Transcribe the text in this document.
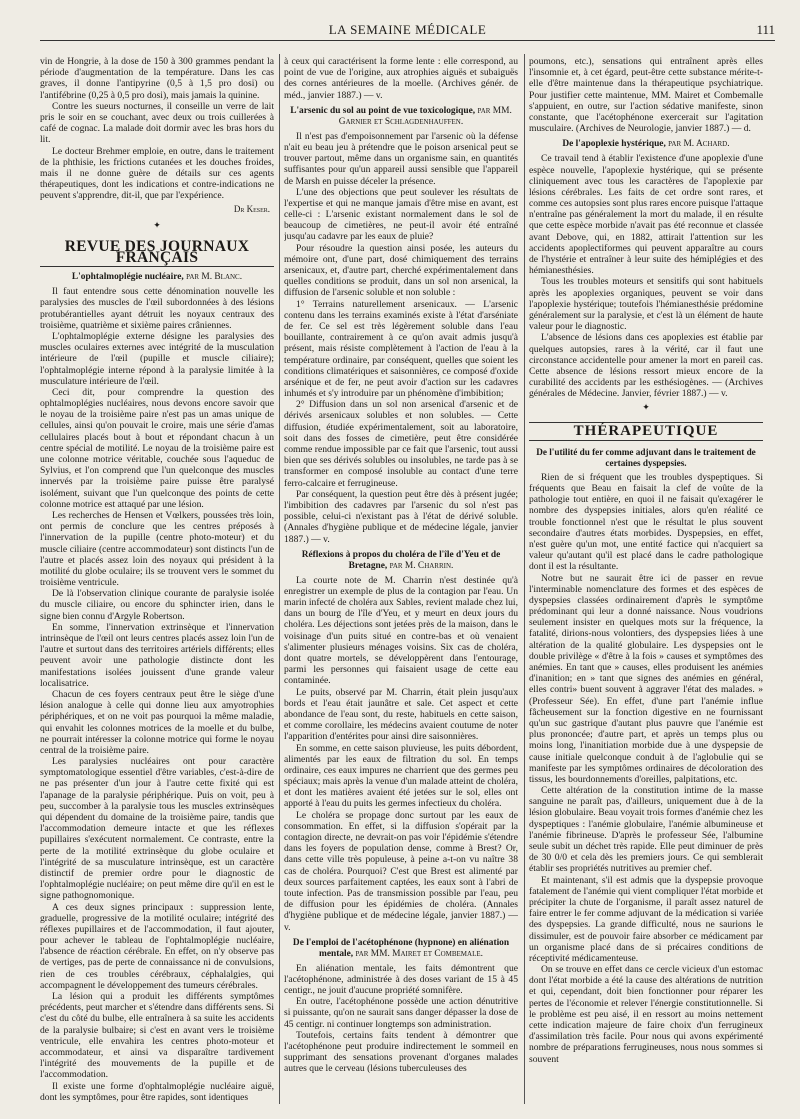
LA SEMAINE MÉDICALE	111

vin de Hongrie, à la dose de 150 à 300 grammes pendant la période d'augmentation de la température. Dans les cas graves, il donne l'antipyrine (0,5 à 1,5 pro dosi) ou l'antifébrine (0,25 à 0,5 pro dosi), mais jamais la quinine.

Contre les sueurs nocturnes, il conseille un verre de lait pris le soir en se couchant, avec deux ou trois cuillerées à café de cognac. La malade doit dormir avec les bras hors du lit.

Le docteur Brehmer emploie, en outre, dans le traitement de la phthisie, les frictions cutanées et les douches froides, mais il ne donne guère de détails sur ces agents thérapeutiques, dont les indications et contre-indications ne peuvent s'apprendre, dit-il, que par l'expérience.

Dr Keser.
✦
REVUE DES JOURNAUX FRANÇAIS
L'ophtalmoplégie nucléaire, par M. Blanc.

Il faut entendre sous cette dénomination nouvelle les paralysies des muscles de l'œil subordonnées à des lésions protubérantielles ayant détruit les noyaux centraux des troisième, quatrième et sixième paires crâniennes.

L'ophtalmoplégie externe désigne les paralysies des muscles oculaires externes avec intégrité de la musculation intérieure de l'œil (pupille et muscle ciliaire); l'ophtalmoplégie interne répond à la paralysie limitée à la musculature intérieure de l'œil.

Ceci dit, pour comprendre la question des ophtalmoplégies nucléaires, nous devons encore savoir que le noyau de la troisième paire n'est pas un amas unique de cellules, ainsi qu'on pouvait le croire, mais une série d'amas cellulaires placés bout à bout et répondant chacun à un centre spécial de motilité. Le noyau de la troisième paire est une colonne motrice véritable, couchée sous l'aqueduc de Sylvius, et l'on comprend que l'un quelconque des muscles innervés par la troisième paire puisse être paralysé isolément, suivant que l'un quelconque des points de cette colonne motrice est attaqué par une lésion.

Les recherches de Hensen et Vœlkers, poussées très loin, ont permis de conclure que les centres préposés à l'innervation de la pupille (centre photo-moteur) et du muscle ciliaire (centre accommodateur) sont distincts l'un de l'autre et placés assez loin des noyaux qui président à la motilité du globe oculaire; ils se trouvent vers le sommet du troisième ventricule.

De là l'observation clinique courante de paralysie isolée du muscle ciliaire, ou encore du sphincter irien, dans le signe bien connu d'Argyle Robertson.

En somme, l'innervation extrinsèque et l'innervation intrinsèque de l'œil ont leurs centres placés assez loin l'un de l'autre et surtout dans des territoires artériels différents; elles peuvent avoir une pathologie distincte dont les manifestations isolées jouissent d'une grande valeur localisatrice.

Chacun de ces foyers centraux peut être le siège d'une lésion analogue à celle qui donne lieu aux amyotrophies périphériques, et on ne voit pas pourquoi la même maladie, qui envahit les colonnes motrices de la moelle et du bulbe, ne pourrait intéresser la colonne motrice qui forme le noyau central de la troisième paire.

Les paralysies nucléaires ont pour caractère symptomatologique essentiel d'être variables, c'est-à-dire de ne pas présenter d'un jour à l'autre cette fixité qui est l'apanage de la paralysie périphérique. Puis on voit, peu à peu, succomber à la paralysie tous les muscles extrinsèques qui dépendent du domaine de la troisième paire, tandis que l'accommodation demeure intacte et que les réflexes pupillaires s'exécutent normalement. Ce contraste, entre la perte de la motilité extrinsèque du globe oculaire et l'intégrité de sa musculature intrinsèque, est un caractère distinctif de premier ordre pour le diagnostic de l'ophtalmoplégie nucléaire; on peut même dire qu'il en est le signe pathognomonique.

A ces deux signes principaux : suppression lente, graduelle, progressive de la motilité oculaire; intégrité des réflexes pupillaires et de l'accommodation, il faut ajouter, pour achever le tableau de l'ophtalmoplégie nucléaire, l'absence de réaction cérébrale. En effet, on n'y observe pas de vertiges, pas de perte de connaissance ni de convulsions, rien de ces troubles cérébraux, céphalalgies, qui accompagnent le développement des tumeurs cérébrales.

La lésion qui a produit les différents symptômes précédents, peut marcher et s'étendre dans différents sens. Si c'est du côté du bulbe, elle entraînera à sa suite les accidents de la paralysie bulbaire; si c'est en avant vers le troisième ventricule, elle envahira les centres photo-moteur et accommodateur, et ainsi va disparaître tardivement l'intégrité des mouvements de la pupille et de l'accommodation.

Il existe une forme d'ophtalmoplégie nucléaire aiguë, dont les symptômes, pour être rapides, sont identiques

à ceux qui caractérisent la forme lente : elle correspond, au point de vue de l'origine, aux atrophies aiguës et subaiguës des cornes antérieures de la moelle. (Archives génér. de méd., janvier 1887.) — v.

L'arsenic du sol au point de vue toxicologique, par MM. Garnier et Schlagdenhauffen.

Il n'est pas d'empoisonnement par l'arsenic où la défense n'ait eu beau jeu à prétendre que le poison arsenical peut se trouver partout, même dans un organisme sain, en quantités suffisantes pour qu'un appareil aussi sensible que l'appareil de Marsh en puisse déceler la présence.

L'une des objections que peut soulever les résultats de l'expertise et qui ne manque jamais d'être mise en avant, est celle-ci : L'arsenic existant normalement dans le sol de beaucoup de cimetières, ne peut-il avoir été entraîné jusqu'au cadavre par les eaux de pluie?

Pour résoudre la question ainsi posée, les auteurs du mémoire ont, d'une part, dosé chimiquement des terrains arsenicaux, et, d'autre part, cherché expérimentalement dans quelles conditions se produit, dans un sol non arsenical, la diffusion de l'arsenic soluble et non soluble :

1° Terrains naturellement arsenicaux. — L'arsenic contenu dans les terrains examinés existe à l'état d'arséniate de fer. Ce sel est très légèrement soluble dans l'eau bouillante, contrairement à ce qu'on avait admis jusqu'à présent, mais résiste complètement à l'action de l'eau à la température ordinaire, par conséquent, quelles que soient les conditions climatériques et saisonnières, ce composé d'oxide arsénique et de fer, ne peut avoir d'action sur les cadavres inhumés et s'y introduire par un phénomène d'imbibition;

2° Diffusion dans un sol non arsenical d'arsenic et de dérivés arsenicaux solubles et non solubles. — Cette diffusion, étudiée expérimentalement, soit au laboratoire, soit dans des fosses de cimetière, peut être considérée comme rendue impossible par ce fait que l'arsenic, tout aussi bien que ses dérivés solubles ou insolubles, ne tarde pas à se transformer en composé insoluble au contact d'une terre ferro-calcaire et ferrugineuse.

Par conséquent, la question peut être dès à présent jugée; l'imbibition des cadavres par l'arsenic du sol n'est pas possible, celui-ci n'existant pas à l'état de dérivé soluble. (Annales d'hygiène publique et de médecine légale, janvier 1887.) — v.

Réflexions à propos du choléra de l'île d'Yeu et de Bretagne, par M. Charrin.

La courte note de M. Charrin n'est destinée qu'à enregistrer un exemple de plus de la contagion par l'eau. Un marin infecté de choléra aux Sables, revient malade chez lui, dans un bourg de l'île d'Yeu, et y meurt en deux jours du choléra. Les déjections sont jetées près de la maison, dans le voisinage d'un puits situé en contre-bas et où venaient s'alimenter plusieurs ménages voisins. Six cas de choléra, dont quatre mortels, se développèrent dans l'entourage, parmi les personnes qui faisaient usage de cette eau contaminée.

Le puits, observé par M. Charrin, était plein jusqu'aux bords et l'eau était jaunâtre et sale. Cet aspect et cette abondance de l'eau sont, du reste, habituels en cette saison, et comme corollaire, les médecins avaient coutume de noter l'apparition d'entérites pour ainsi dire saisonnières.

En somme, en cette saison pluvieuse, les puits débordent, alimentés par les eaux de filtration du sol. En temps ordinaire, ces eaux impures ne charrient que des germes peu spéciaux; mais après la venue d'un malade atteint de choléra, et dont les matières avaient été jetées sur le sol, elles ont apporté à l'eau du puits les germes infectieux du choléra.

Le choléra se propage donc surtout par les eaux de consommation. En effet, si la diffusion s'opérait par la contagion directe, ne devrait-on pas voir l'épidémie s'étendre dans les foyers de population dense, comme à Brest? Or, dans cette ville très populeuse, à peine a-t-on vu naître 38 cas de choléra. Pourquoi? C'est que Brest est alimenté par deux sources parfaitement captées, les eaux sont à l'abri de toute infection. Pas de transmission possible par l'eau, peu de diffusion pour les épidémies de choléra. (Annales d'hygiène publique et de médecine légale, janvier 1887.) — v.

De l'emploi de l'acétophénone (hypnone) en aliénation mentale, par MM. Mairet et Combemale.

En aliénation mentale, les faits démontrent que l'acétophénone, administrée à des doses variant de 15 à 45 centigr., ne jouit d'aucune propriété somnifère.

En outre, l'acétophénone possède une action dénutritive si puissante, qu'on ne saurait sans danger dépasser la dose de 45 centigr. ni continuer longtemps son administration.

Toutefois, certains faits tendent à démontrer que l'acétophénone peut produire indirectement le sommeil en supprimant des sensations provenant d'organes malades autres que le cerveau (lésions tuberculeuses des

poumons, etc.), sensations qui entraînent après elles l'insomnie et, à cet égard, peut-être cette substance mérite-t-elle d'être maintenue dans la thérapeutique psychiatrique. Pour justifier cette maintenue, MM. Mairet et Combemalle s'appuient, en outre, sur l'action sédative manifeste, sinon constante, que l'acétophénone exercerait sur l'agitation musculaire. (Archives de Neurologie, janvier 1887.) — d.

De l'apoplexie hystérique, par M. Achard.

Ce travail tend à établir l'existence d'une apoplexie d'une espèce nouvelle, l'apoplexie hystérique, qui se présente cliniquement avec tous les caractères de l'apoplexie par lésions cérébrales. Les faits de cet ordre sont rares, et comme ces autopsies sont plus rares encore puisque l'attaque n'entraîne pas généralement la mort du malade, il en résulte que cette espèce morbide n'avait pas été reconnue et classée avant Debove, qui, en 1882, attirait l'attention sur les accidents apoplectiformes qui peuvent apparaître au cours de l'hystérie et entraîner à leur suite des hémiplégies et des hémianesthésies.

Tous les troubles moteurs et sensitifs qui sont habituels après les apoplexies organiques, peuvent se voir dans l'apoplexie hystérique; toutefois l'hémianesthésie prédomine généralement sur la paralysie, et c'est là un élément de haute valeur pour le diagnostic.

L'absence de lésions dans ces apoplexies est établie par quelques autopsies, rares à la vérité, car il faut une circonstance accidentelle pour amener la mort en pareil cas. Cette absence de lésions ressort mieux encore de la curabilité des accidents par les esthésiogènes. — (Archives générales de Médecine. Janvier, février 1887.) — v.

✦
THÉRAPEUTIQUE
De l'utilité du fer comme adjuvant dans le traitement de certaines dyspepsies.

Rien de si fréquent que les troubles dyspeptiques. Si fréquents que Beau en faisait la clef de voûte de la pathologie tout entière, en quoi il ne faisait qu'exagérer le nombre des dyspepsies initiales, alors qu'en réalité ce trouble fonctionnel n'est que le résultat le plus souvent secondaire d'autres états morbides. Dyspepsies, en effet, n'est guère qu'un mot, une entité factice qui n'acquiert sa valeur qu'autant qu'il est placé dans le cadre pathologique dont il est la résultante.

Notre but ne saurait être ici de passer en revue l'interminable nomenclature des formes et des espèces de dyspepsies classées ordinairement d'après le symptôme prédominant qui leur a donné naissance. Nous voudrions seulement insister en quelques mots sur la fréquence, la fatalité, dirions-nous volontiers, des dyspepsies liées à une altération de la qualité globulaire. Les dyspepsies ont le double privilège « d'être à la fois » causes et symptômes des anémies. En tant que » causes, elles produisent les anémies d'inanition; en » tant que signes des anémies en général, elles contri» buent souvent à aggraver l'état des malades. » (Professeur Sée). En effet, d'une part l'anémie influe fâcheusement sur la fonction digestive en ne fournissant qu'un suc gastrique d'autant plus pauvre que l'anémie est plus prononcée; d'autre part, et après un temps plus ou moins long, l'inanitiation morbide due à une dyspepsie de cause initiale quelconque conduit à de l'aglobulie qui se manifeste par les symptômes ordinaires de décoloration des tissus, les bourdonnements d'oreilles, palpitations, etc.

Cette altération de la constitution intime de la masse sanguine ne paraît pas, d'ailleurs, uniquement due à de la lésion globulaire. Beau voyait trois formes d'anémie chez les dyspeptiques : l'anémie globulaire, l'anémie albumineuse et l'anémie fibrineuse. D'après le professeur Sée, l'albumine seule subit un déchet très rapide. Elle peut diminuer de près de 30 0/0 et cela dès les premiers jours. Ce qui semblerait établir ses propriétés nutritives au premier chef.

Et maintenant, s'il est admis que la dyspepsie provoque fatalement de l'anémie qui vient compliquer l'état morbide et précipiter la chute de l'organisme, il paraît assez naturel de faire entrer le fer comme adjuvant de la médication si variée des dyspepsies. La grande difficulté, nous ne saurions le dissimuler, est de pouvoir faire absorber ce médicament par un organisme placé dans de si précaires conditions de réceptivité médicamenteuse.

On se trouve en effet dans ce cercle vicieux d'un estomac dont l'état morbide a été la cause des altérations de nutrition et qui, cependant, doit bien fonctionner pour réparer les pertes de l'économie et relever l'énergie constitutionnelle. Si le problème est peu aisé, il en ressort au moins nettement cette indication majeure de faire choix d'un ferrugineux d'assimilation très facile. Pour nous qui avons expérimenté nombre de préparations ferrugineuses, nous nous sommes si souvent
